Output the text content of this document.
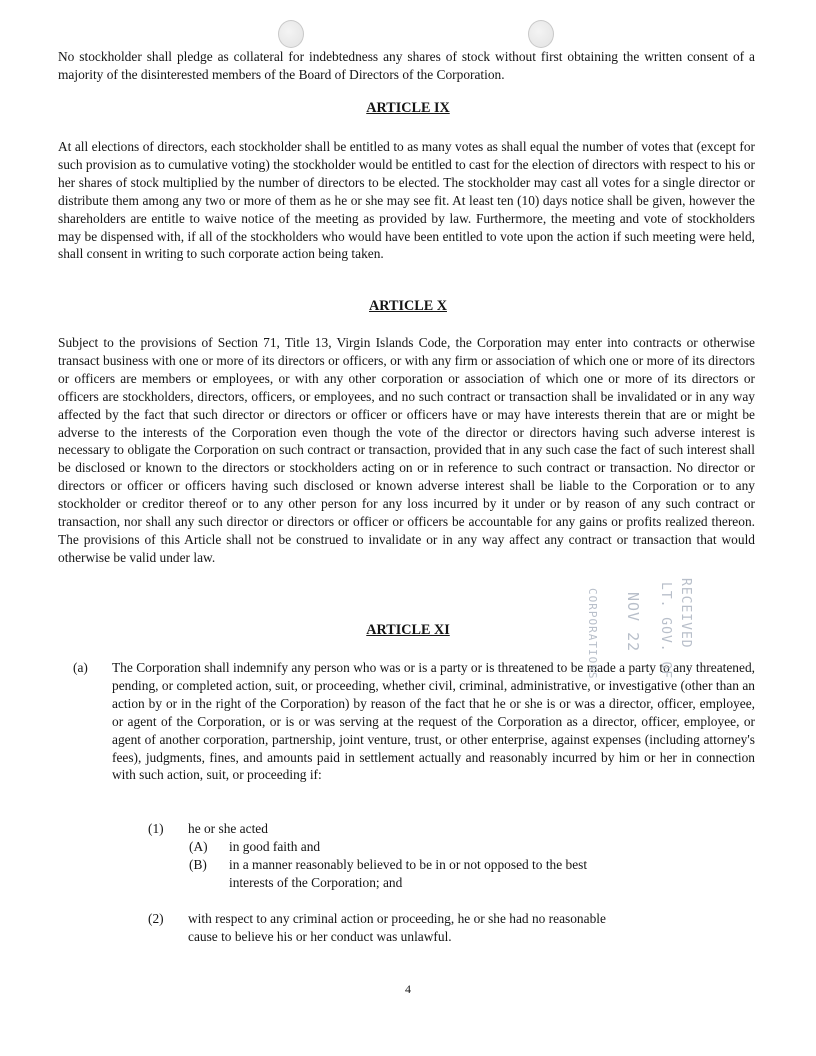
No stockholder shall pledge as collateral for indebtedness any shares of stock without first obtaining the written consent of a majority of the disinterested members of the Board of Directors of the Corporation.

ARTICLE IX

At all elections of directors, each stockholder shall be entitled to as many votes as shall equal the number of votes that (except for such provision as to cumulative voting) the stockholder would be entitled to cast for the election of directors with respect to his or her shares of stock multiplied by the number of directors to be elected. The stockholder may cast all votes for a single director or distribute them among any two or more of them as he or she may see fit. At least ten (10) days notice shall be given, however the shareholders are entitle to waive notice of the meeting as provided by law. Furthermore, the meeting and vote of stockholders may be dispensed with, if all of the stockholders who would have been entitled to vote upon the action if such meeting were held, shall consent in writing to such corporate action being taken.

ARTICLE X

Subject to the provisions of Section 71, Title 13, Virgin Islands Code, the Corporation may enter into contracts or otherwise transact business with one or more of its directors or officers, or with any firm or association of which one or more of its directors or officers are members or employees, or with any other corporation or association of which one or more of its directors or officers are stockholders, directors, officers, or employees, and no such contract or transaction shall be invalidated or in any way affected by the fact that such director or directors or officer or officers have or may have interests therein that are or might be adverse to the interests of the Corporation even though the vote of the director or directors having such adverse interest is necessary to obligate the Corporation on such contract or transaction, provided that in any such case the fact of such interest shall be disclosed or known to the directors or stockholders acting on or in reference to such contract or transaction. No director or directors or officer or officers having such disclosed or known adverse interest shall be liable to the Corporation or to any stockholder or creditor thereof or to any other person for any loss incurred by it under or by reason of any such contract or transaction, nor shall any such director or directors or officer or officers be accountable for any gains or profits realized thereon. The provisions of this Article shall not be construed to invalidate or in any way affect any contract or transaction that would otherwise be valid under law.

ARTICLE XI
(a) The Corporation shall indemnify any person who was or is a party or is threatened to be made a party to any threatened, pending, or completed action, suit, or proceeding, whether civil, criminal, administrative, or investigative (other than an action by or in the right of the Corporation) by reason of the fact that he or she is or was a director, officer, employee, or agent of the Corporation, or is or was serving at the request of the Corporation as a director, officer, employee, or agent of another corporation, partnership, joint venture, trust, or other enterprise, against expenses (including attorney's fees), judgments, fines, and amounts paid in settlement actually and reasonably incurred by him or her in connection with such action, suit, or proceeding if:
(1) he or she acted
(A) in good faith and
(B) in a manner reasonably believed to be in or not opposed to the best interests of the Corporation; and
(2) with respect to any criminal action or proceeding, he or she had no reasonable cause to believe his or her conduct was unlawful.
RECEIVED
LT. GOV. OF
NOV 22
CORPORATIONS
4
